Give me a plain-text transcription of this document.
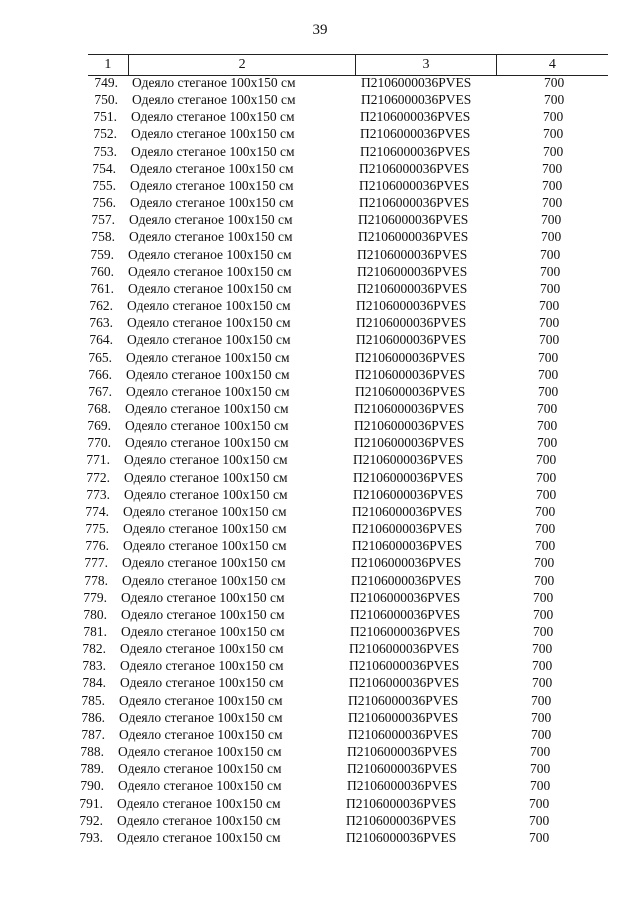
39
1	2	3	4
749. Одеяло стеганое 100х150 см	П2106000036PVES	700
750. Одеяло стеганое 100х150 см	П2106000036PVES	700
751. Одеяло стеганое 100х150 см	П2106000036PVES	700
752. Одеяло стеганое 100х150 см	П2106000036PVES	700
753. Одеяло стеганое 100х150 см	П2106000036PVES	700
754. Одеяло стеганое 100х150 см	П2106000036PVES	700
755. Одеяло стеганое 100х150 см	П2106000036PVES	700
756. Одеяло стеганое 100х150 см	П2106000036PVES	700
757. Одеяло стеганое 100х150 см	П2106000036PVES	700
758. Одеяло стеганое 100х150 см	П2106000036PVES	700
759. Одеяло стеганое 100х150 см	П2106000036PVES	700
760. Одеяло стеганое 100х150 см	П2106000036PVES	700
761. Одеяло стеганое 100х150 см	П2106000036PVES	700
762. Одеяло стеганое 100х150 см	П2106000036PVES	700
763. Одеяло стеганое 100х150 см	П2106000036PVES	700
764. Одеяло стеганое 100х150 см	П2106000036PVES	700
765. Одеяло стеганое 100х150 см	П2106000036PVES	700
766. Одеяло стеганое 100х150 см	П2106000036PVES	700
767. Одеяло стеганое 100х150 см	П2106000036PVES	700
768. Одеяло стеганое 100х150 см	П2106000036PVES	700
769. Одеяло стеганое 100х150 см	П2106000036PVES	700
770. Одеяло стеганое 100х150 см	П2106000036PVES	700
771. Одеяло стеганое 100х150 см	П2106000036PVES	700
772. Одеяло стеганое 100х150 см	П2106000036PVES	700
773. Одеяло стеганое 100х150 см	П2106000036PVES	700
774. Одеяло стеганое 100х150 см	П2106000036PVES	700
775. Одеяло стеганое 100х150 см	П2106000036PVES	700
776. Одеяло стеганое 100х150 см	П2106000036PVES	700
777. Одеяло стеганое 100х150 см	П2106000036PVES	700
778. Одеяло стеганое 100х150 см	П2106000036PVES	700
779. Одеяло стеганое 100х150 см	П2106000036PVES	700
780. Одеяло стеганое 100х150 см	П2106000036PVES	700
781. Одеяло стеганое 100х150 см	П2106000036PVES	700
782. Одеяло стеганое 100х150 см	П2106000036PVES	700
783. Одеяло стеганое 100х150 см	П2106000036PVES	700
784. Одеяло стеганое 100х150 см	П2106000036PVES	700
785. Одеяло стеганое 100х150 см	П2106000036PVES	700
786. Одеяло стеганое 100х150 см	П2106000036PVES	700
787. Одеяло стеганое 100х150 см	П2106000036PVES	700
788. Одеяло стеганое 100х150 см	П2106000036PVES	700
789. Одеяло стеганое 100х150 см	П2106000036PVES	700
790. Одеяло стеганое 100х150 см	П2106000036PVES	700
791. Одеяло стеганое 100х150 см	П2106000036PVES	700
792. Одеяло стеганое 100х150 см	П2106000036PVES	700
793. Одеяло стеганое 100х150 см	П2106000036PVES	700
